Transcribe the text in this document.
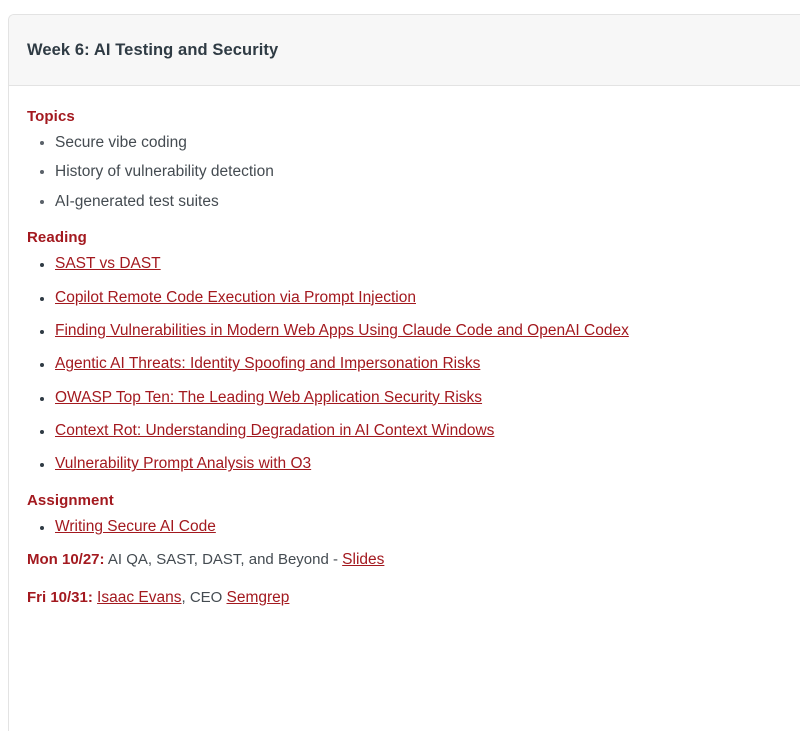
Week 6: AI Testing and Security
Topics
Secure vibe coding
History of vulnerability detection
AI-generated test suites
Reading
SAST vs DAST
Copilot Remote Code Execution via Prompt Injection
Finding Vulnerabilities in Modern Web Apps Using Claude Code and OpenAI Codex
Agentic AI Threats: Identity Spoofing and Impersonation Risks
OWASP Top Ten: The Leading Web Application Security Risks
Context Rot: Understanding Degradation in AI Context Windows
Vulnerability Prompt Analysis with O3
Assignment
Writing Secure AI Code

Mon 10/27: AI QA, SAST, DAST, and Beyond - Slides

Fri 10/31: Isaac Evans, CEO Semgrep
